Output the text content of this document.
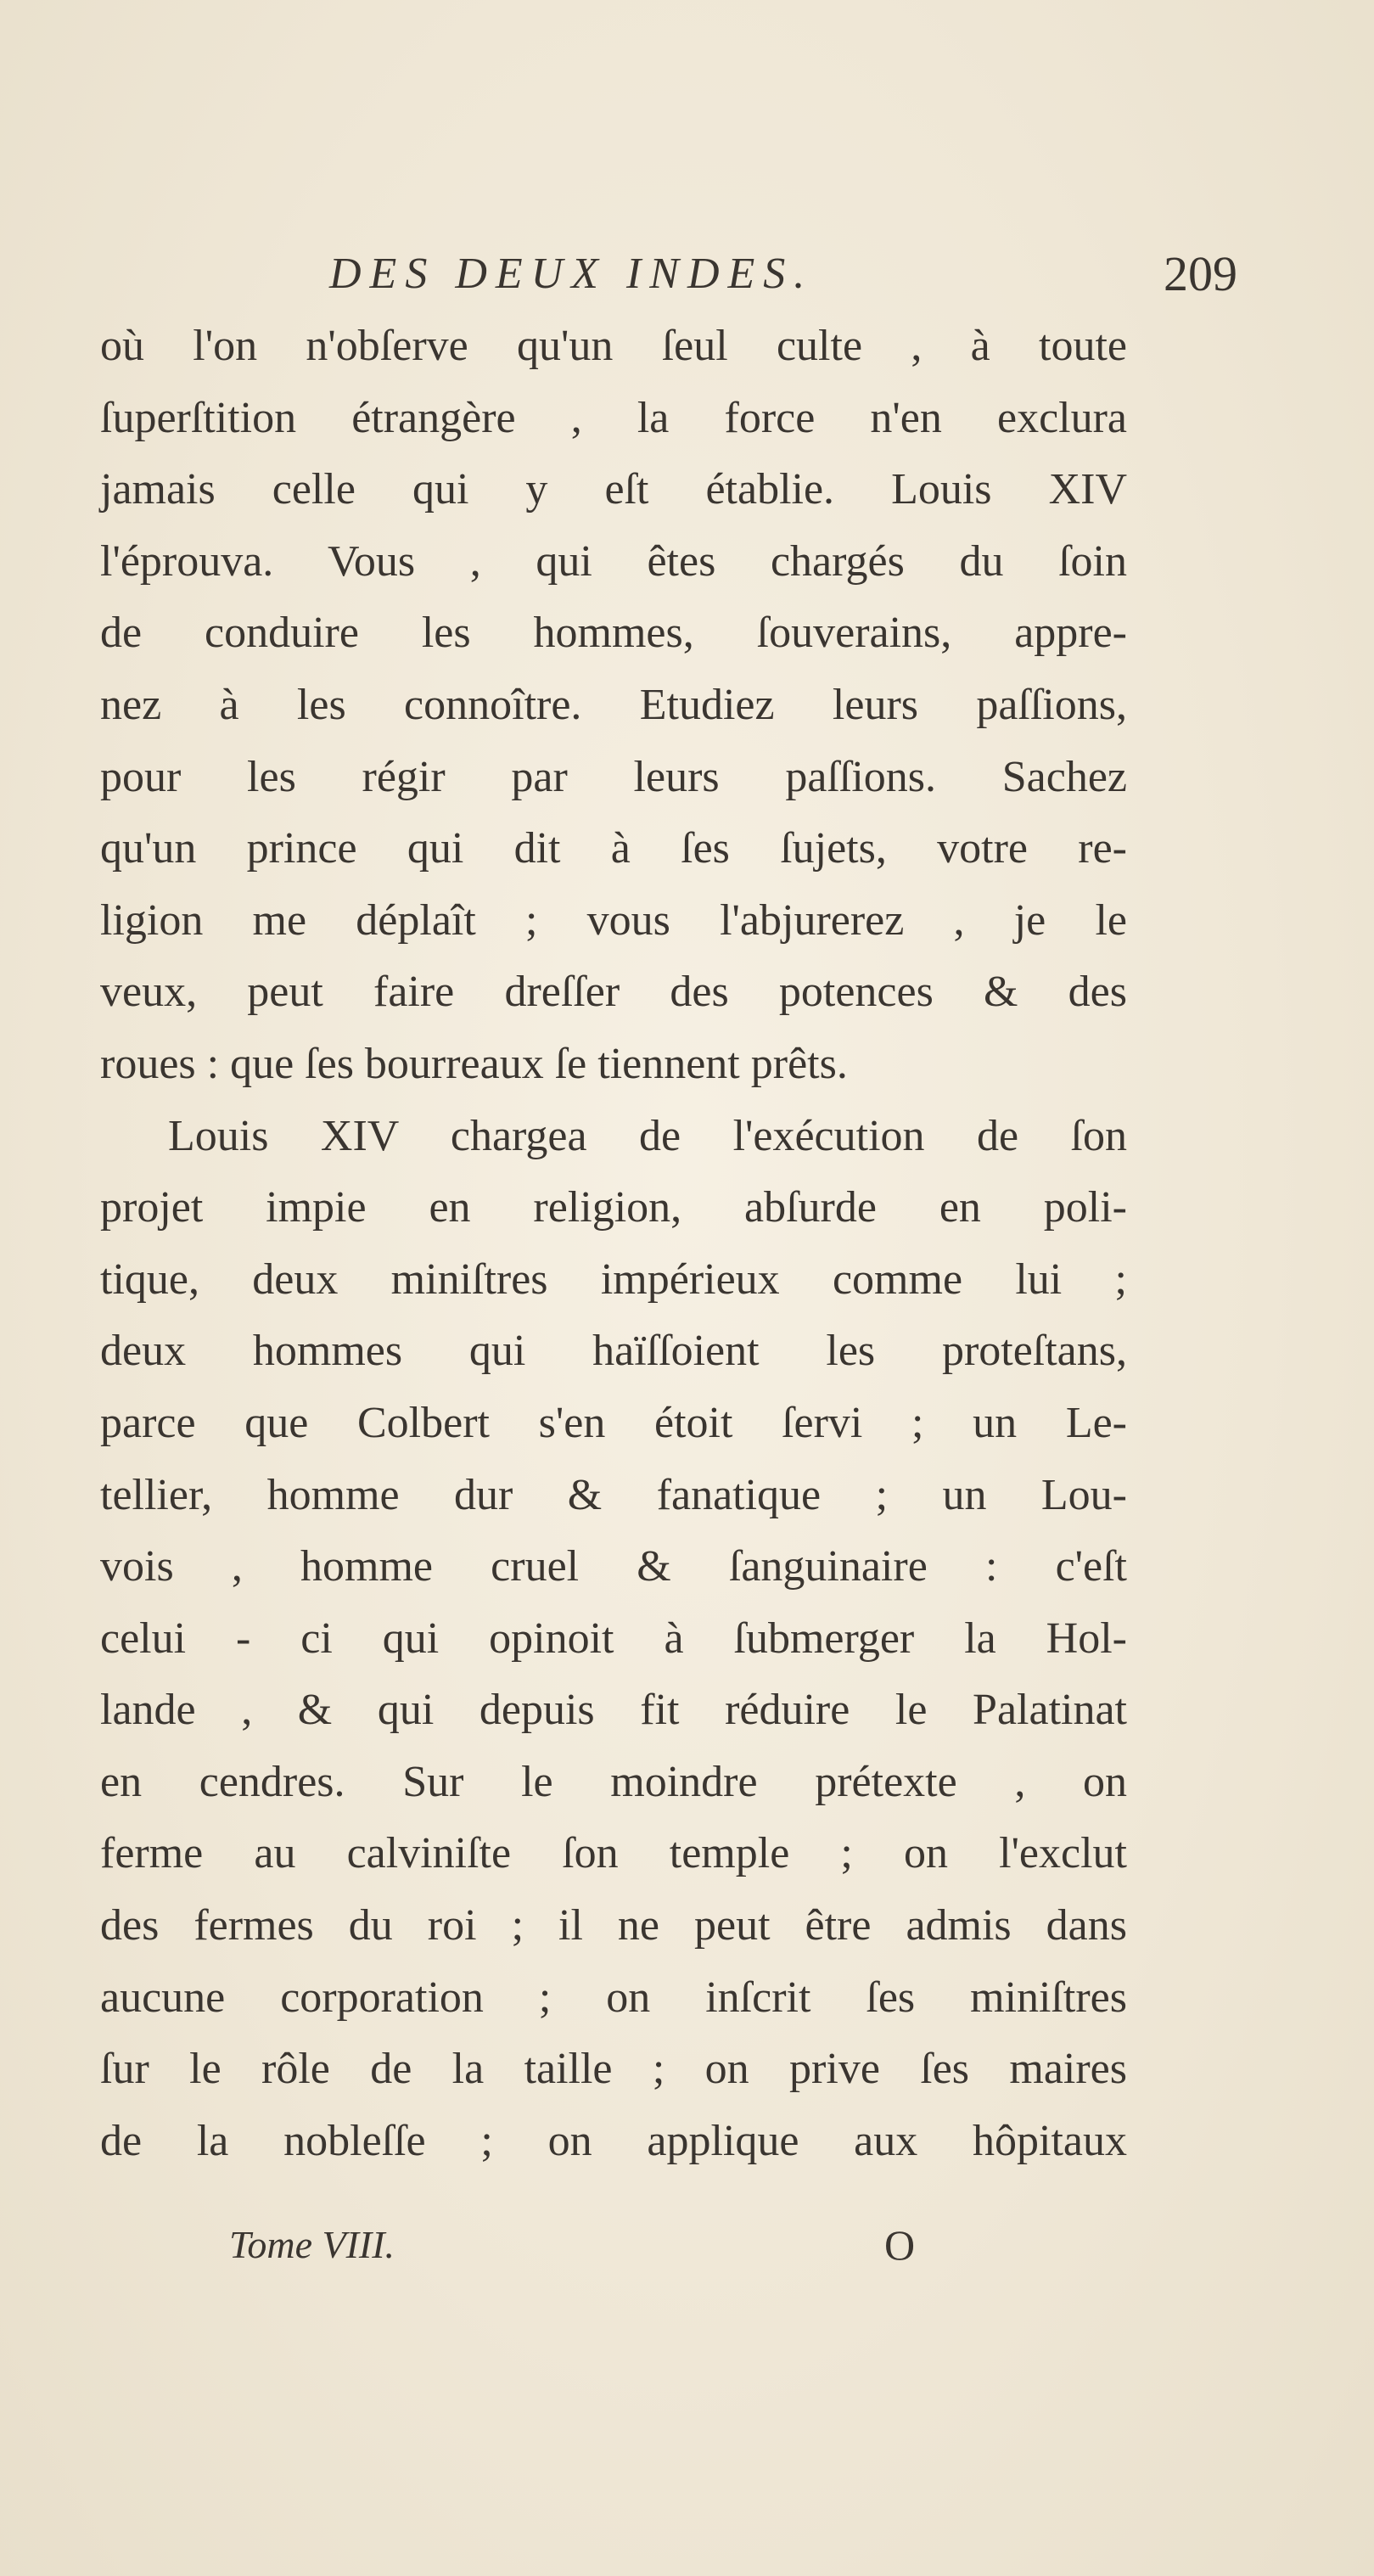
DES DEUX INDES.	209
où l'on n'obſerve qu'un ſeul culte , à toute
ſuperſtition étrangère , la force n'en exclura
jamais celle qui y eſt établie. Louis XIV
l'éprouva. Vous , qui êtes chargés du ſoin
de conduire les hommes, ſouverains, appre-
nez à les connoître. Etudiez leurs paſſions,
pour les régir par leurs paſſions. Sachez
qu'un prince qui dit à ſes ſujets, votre re-
ligion me déplaît ; vous l'abjurerez , je le
veux, peut faire dreſſer des potences & des
roues : que ſes bourreaux ſe tiennent prêts.
Louis XIV chargea de l'exécution de ſon
projet impie en religion, abſurde en poli-
tique, deux miniſtres impérieux comme lui ;
deux hommes qui haïſſoient les proteſtans,
parce que Colbert s'en étoit ſervi ; un Le-
tellier, homme dur & fanatique ; un Lou-
vois , homme cruel & ſanguinaire : c'eſt
celui - ci qui opinoit à ſubmerger la Hol-
lande , & qui depuis fit réduire le Palatinat
en cendres. Sur le moindre prétexte , on
ferme au calviniſte ſon temple ; on l'exclut
des fermes du roi ; il ne peut être admis dans
aucune corporation ; on inſcrit ſes miniſtres
ſur le rôle de la taille ; on prive ſes maires
de la nobleſſe ; on applique aux hôpitaux
Tome VIII.	O
